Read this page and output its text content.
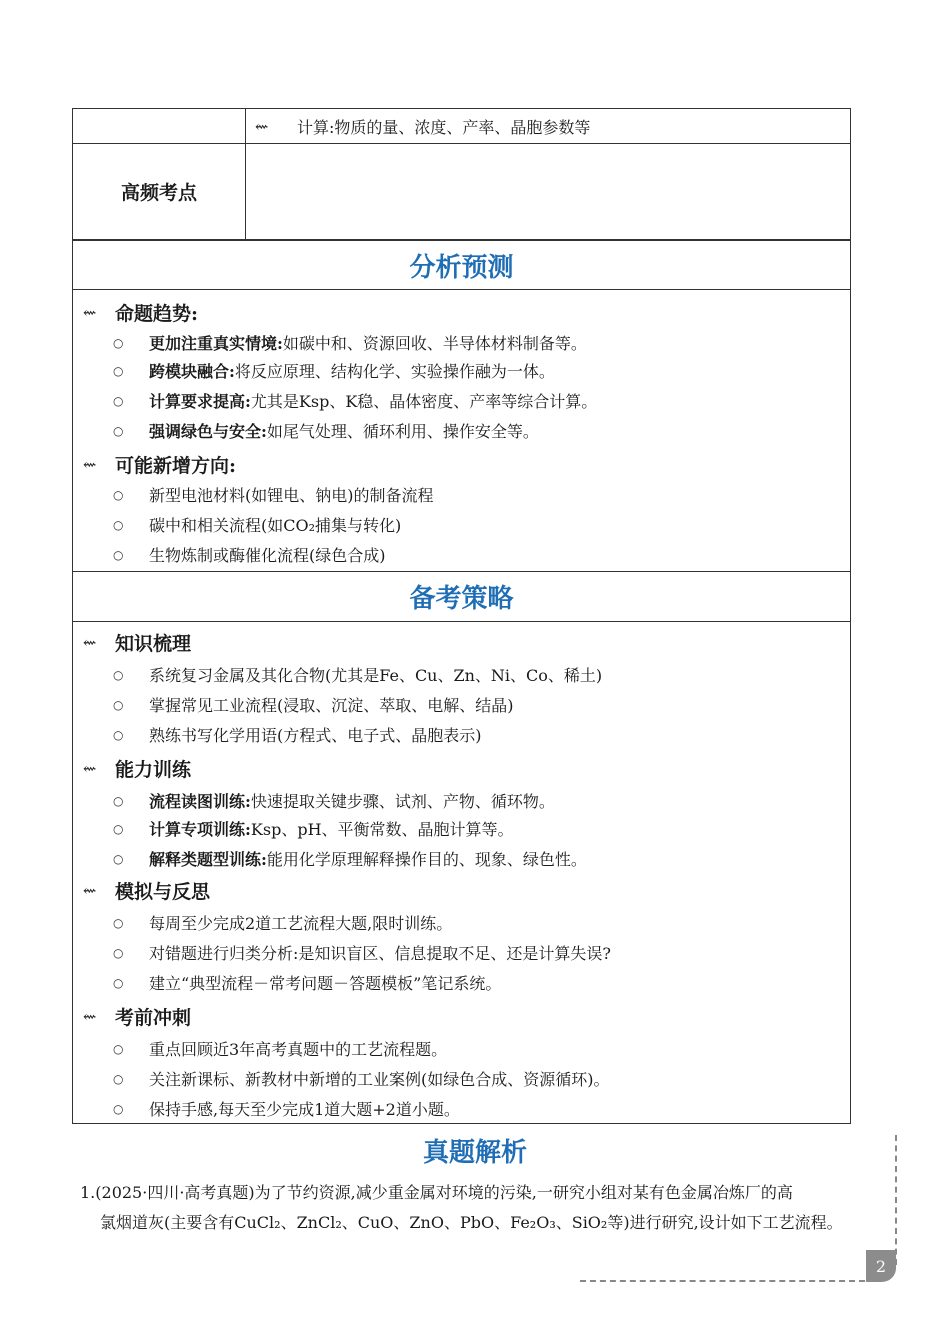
⇜	计算:物质的量、浓度、产率、晶胞参数等
高频考点
分析预测
⇜ 命题趋势:
○	更加注重真实情境: 如碳中和、资源回收、半导体材料制备等。
○	跨模块融合: 将反应原理、结构化学、实验操作融为一体。
○	计算要求提高: 尤其是Ksp、K稳、晶体密度、产率等综合计算。
○	强调绿色与安全: 如尾气处理、循环利用、操作安全等。
⇜ 可能新增方向:
○	新型电池材料(如锂电、钠电)的制备流程
○	碳中和相关流程(如CO₂捕集与转化)
○	生物炼制或酶催化流程(绿色合成)
备考策略
⇜ 知识梳理
○	系统复习金属及其化合物(尤其是Fe、Cu、Zn、Ni、Co、稀土)
○	掌握常见工业流程(浸取、沉淀、萃取、电解、结晶)
○	熟练书写化学用语(方程式、电子式、晶胞表示)
⇜ 能力训练
○	流程读图训练: 快速提取关键步骤、试剂、产物、循环物。
○	计算专项训练: Ksp、pH、平衡常数、晶胞计算等。
○	解释类题型训练: 能用化学原理解释操作目的、现象、绿色性。
⇜ 模拟与反思
○	每周至少完成2道工艺流程大题,限时训练。
○	对错题进行归类分析:是知识盲区、信息提取不足、还是计算失误?
○	建立“典型流程－常考问题－答题模板”笔记系统。
⇜ 考前冲刺
○	重点回顾近3年高考真题中的工艺流程题。
○	关注新课标、新教材中新增的工业案例(如绿色合成、资源循环)。
○	保持手感,每天至少完成1道大题+2道小题。
真题解析
1.(2025·四川·高考真题)为了节约资源,减少重金属对环境的污染,一研究小组对某有色金属冶炼厂的高
氯烟道灰(主要含有CuCl₂、ZnCl₂、CuO、ZnO、PbO、Fe₂O₃、SiO₂等)进行研究,设计如下工艺流程。
2
